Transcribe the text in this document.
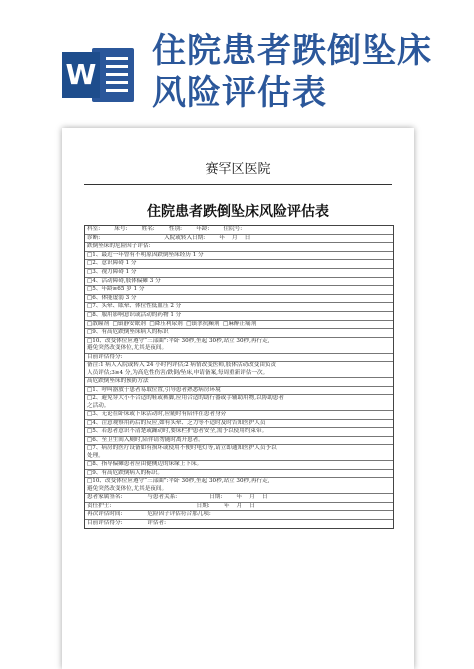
W
住院患者跌倒坠床风险评估表
赛罕区医院
住院患者跌倒坠床风险评估表
科室:        床号:        姓名:        性别:        年龄:        住院号:
诊断:                                    入院或转入日期:        年    月    日
跌倒坠床的危险因子评估:
□1、最近一年曾有不明原因跌倒坠床经历 1 分
□2、意识障碍 1 分
□3、视力障碍 1 分
□4、活动障碍,肢体偏瘫 3 分
□5、年龄≥65 岁 1 分
□6、体能虚弱 3 分
□7、头晕、眩晕、体位性低血压 2 分
□8、服用影响意识或活动的药物 1 分
□散瞳剂  □镇静安眠剂  □降压利尿剂  □镇挛抗癫剂  □麻醉止痛剂
□9、有高危跌倒坠床病人的标识
□10、改变体位应遵守“三部曲”:平卧 30秒,坐起 30秒,站立 30秒,再行走,
避免突然改变体位,尤其是夜间。
目前评估得分:
备注:1 病人入院或转入 24 小时内评估;2 病情改变医师,肢体活动改变由负责
人员评估;3≥4 分,为高危性伤害/跌倒/坠床,申请备案,每周重新评估一次。
高危跌倒坠床的预防方法
□1、呼叫器放于患者易取位置,引导患者熟悉病房环境
□2、避免穿大小不合适的鞋或裤脚,应用合适的助行器或手辅助用物,以协助患者
之活动。
□3、无论在卧床或下床活动时,应随时有陪伴在患者身旁
□4、注意观察用药后的反应,如有头晕、乏力等不适时及时告知医护人员
□5、若患者意识不清楚或躁动时,要床栏护患者安全,需予以使用约束带。
□6、至卫生间入厕时,陪伴请勿随时离开患者。
□7、病房的医疗设备如有损坏或使用不便时电灯等,请立即通知医护人员予以
处理。
□8、指导偏瘫患者应由健侧边的床缘上下床。
□9、有高危跌倒病人的标识。
□10、改变体位应遵守“三部曲”:平卧 30秒,坐起 30秒,站立 30秒,再行走,
避免突然改变体位,尤其是夜间。
患者家属签名:              与患者关系:                  日期:        年    月    日
责任护士:                                                日期:        年    月    日
再次评估时间:              危险因子评估符合那几项:
目前评估得分:              评估者:
